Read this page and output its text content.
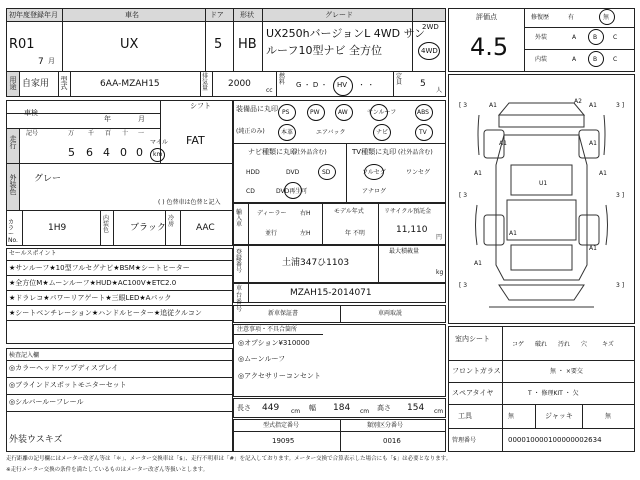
初年度登録年月
R01
7 月
車名
UX
ドア
5
形状
HB
グレード
UX250hバージョンL 4WD サン
ルーフ10型ナビ 全方位
2WD
4WD
用途 自家用 型式	6AA-MZAH15
排気量 2000
cc
燃料 G ・ D ・ HV ・ ・
定員 5
人
車検
年	月
シフト
FAT
走行
記号	万 千 百 十 一
5 6 4 0 0
マイル
km
外装色 グレー
( ) 色替車は色替と記入
カラーNo.
1H9
内装色 ブラック
冷房 AAC
セールスポイント
★サンルーフ★10型フルセグナビ★BSM★シートヒーター
★全方位M★ムーンルーフ★HUD★AC100V★ETC2.0
★ドラレコ★パワーリアゲート★三眼LED★Aパック
★シートベンチレーション★ハンドルヒーター★追従クルコン
検査記入欄
◎カラーヘッドアップディスプレイ
◎ブラインドスポットモニターセット
◎シルバールーフレール
外装ウスキズ
装備品に丸印
(純正のみ)
PS	PW	AW	サンルーフ	ABS
本革	エアバック	ナビ	TV
ナビ種類に丸印
(社外品含む)
HDD	DVD	SD
CD	DVD再生可
TV種類に丸印 (社外品含む)
フルセグ	ワンセグ
アナログ
輸入車
ディーラー
並行
右H
左H
モデル年式
年 不明
リサイクル預託金
11,110
円
登録番号
土浦347ひ1103
最大積載量
kg
車台番号
MZAH15-2014071
新車保証書	車両取説
注意事項・不具合箇所
◎オプション¥310000
◎ムーンルーフ
◎アクセサリーコンセント
長さ 449 cm 幅 184 cm 高さ 154 cm
型式指定番号
19095
類別区分番号
0016
評価点
4.5
修復歴	有	無
外装	A	B	C
内装	A	B	C
[ 3	3 ]
[ 3	3 ]
[ 3	3 ]
A2
A1	A1
A1	A1
U1
A1	A1
A1
A1
A1
室内シート
コゲ 破れ 汚れ 穴 キズ
フロントガラス	無 ・ ×要交
スペアタイヤ	T ・ 修理KIT ・ 欠
工具	無	ジャッキ	無
管理番号	000010000100000002634
走行距離の記号欄にはメーター改ざん等は「＊」、メーター交換車は「$」、走行不明車は「#」を記入しております。メーター交換で合算表示した場合にも「$」は必要となります。
※走行メーター交換の条件を満たしているものはメーター改ざん等扱いとします。
